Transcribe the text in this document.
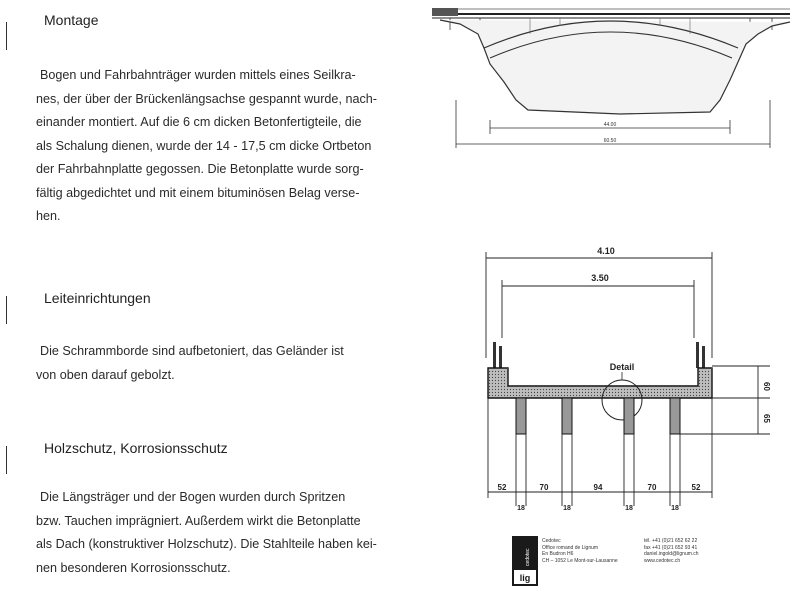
Montage
Bogen und Fahrbahnträger wurden mittels eines Seilkra-
nes, der über der Brückenlängsachse gespannt wurde, nach-
einander montiert. Auf die 6 cm dicken Betonfertigteile, die
als Schalung dienen, wurde der 14 - 17,5 cm dicke Ortbeton
der Fahrbahnplatte gegossen. Die Betonplatte wurde sorg-
fältig abgedichtet und mit einem bituminösen Belag verse-
hen.
Leiteinrichtungen
Die Schrammborde sind aufbetoniert, das Geländer ist
von oben darauf gebolzt.
Holzschutz, Korrosionsschutz
Die Längsträger und der Bogen wurden durch Spritzen
bzw. Tauchen imprägniert. Außerdem wirkt die Betonplatte
als Dach (konstruktiver Holzschutz). Die Stahlteile haben kei-
nen besonderen Korrosionsschutz.
44.00
60.50
4.10
3.50
Detail
60
65
52	70	94	70	52
18	18	18	18
cedotec
lig
Cedotec
Office romand de Lignum
En Budron H6
CH – 1052 Le Mont-sur-Lausanne
tél. +41 (0)21 652 62 22
fax +41 (0)21 652 93 41
daniel.ingold@lignum.ch
www.cedotec.ch
